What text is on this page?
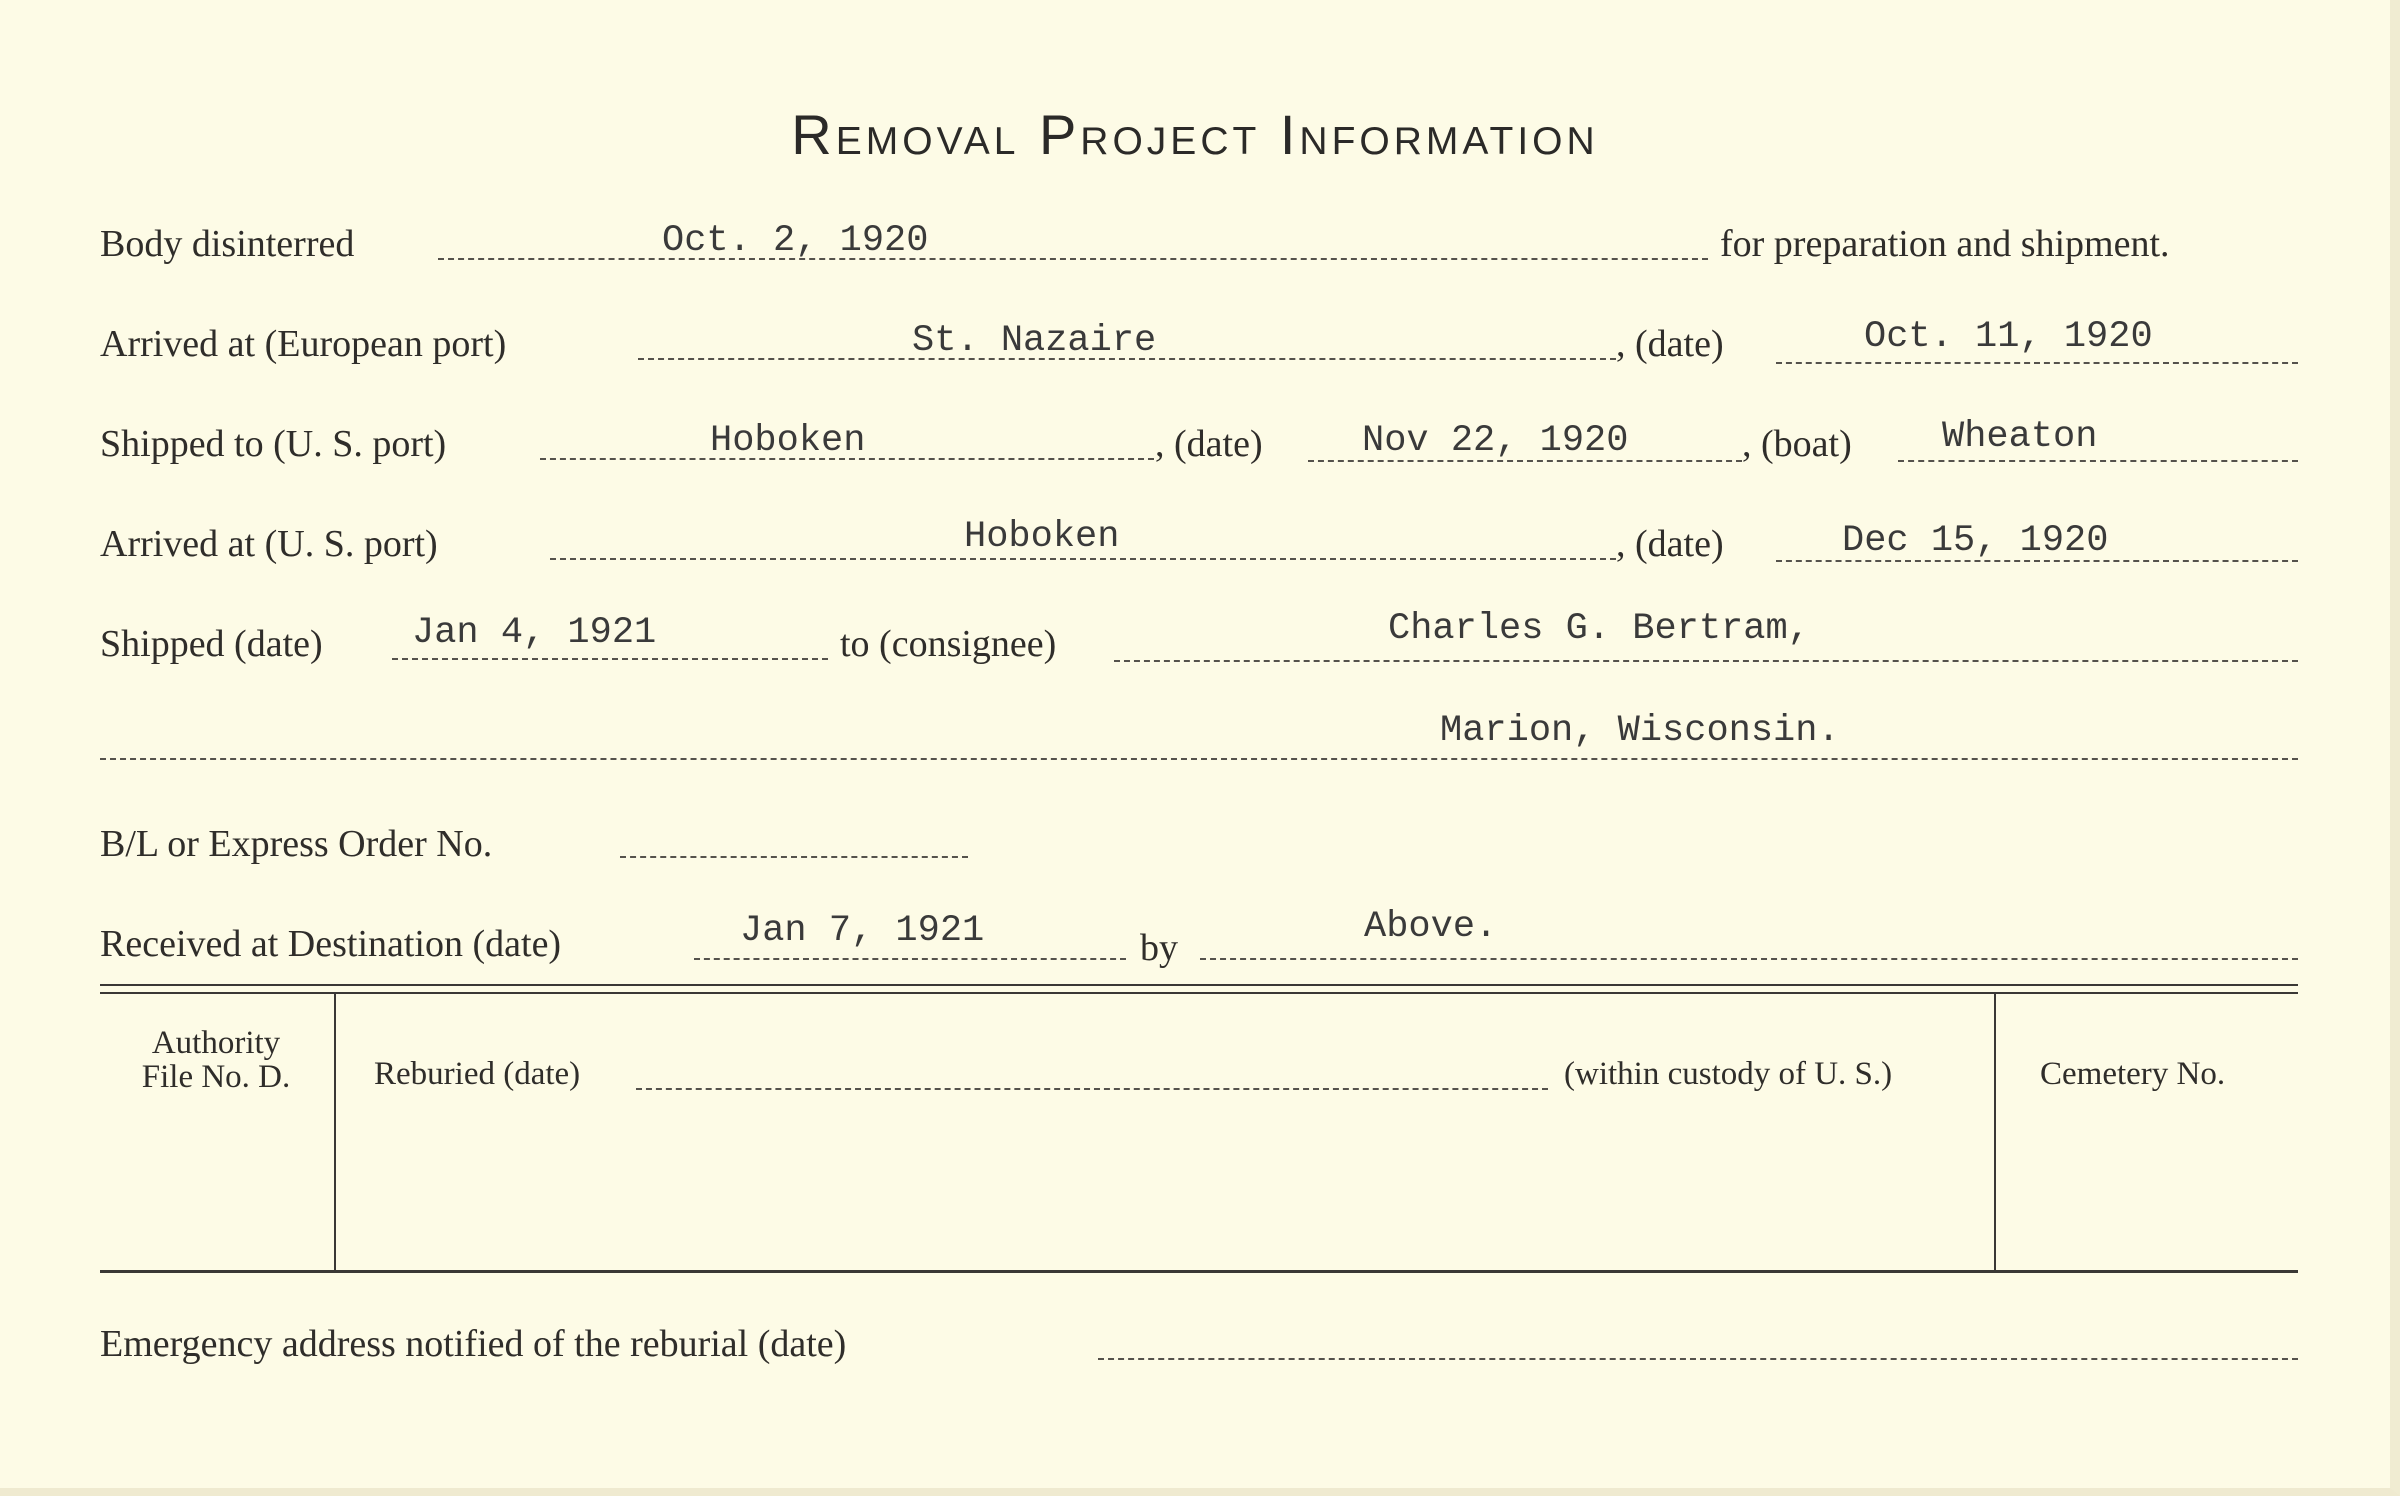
Removal Project Information
Body disinterred	Oct. 2, 1920	for preparation and shipment.
Arrived at (European port)	St. Nazaire	, (date)	Oct. 11, 1920
Shipped to (U. S. port)	Hoboken	, (date)	Nov 22, 1920	, (boat) Wheaton
Arrived at (U. S. port)	Hoboken	, (date)	Dec 15, 1920
Shipped (date) Jan 4, 1921	to (consignee)	Charles G. Bertram,
Marion, Wisconsin.
B/L or Express Order No.
Received at Destination (date)	Jan 7, 1921	by	Above.
Authority
File No. D.	Reburied (date)	(within custody of U. S.)	Cemetery No.
Emergency address notified of the reburial (date)
